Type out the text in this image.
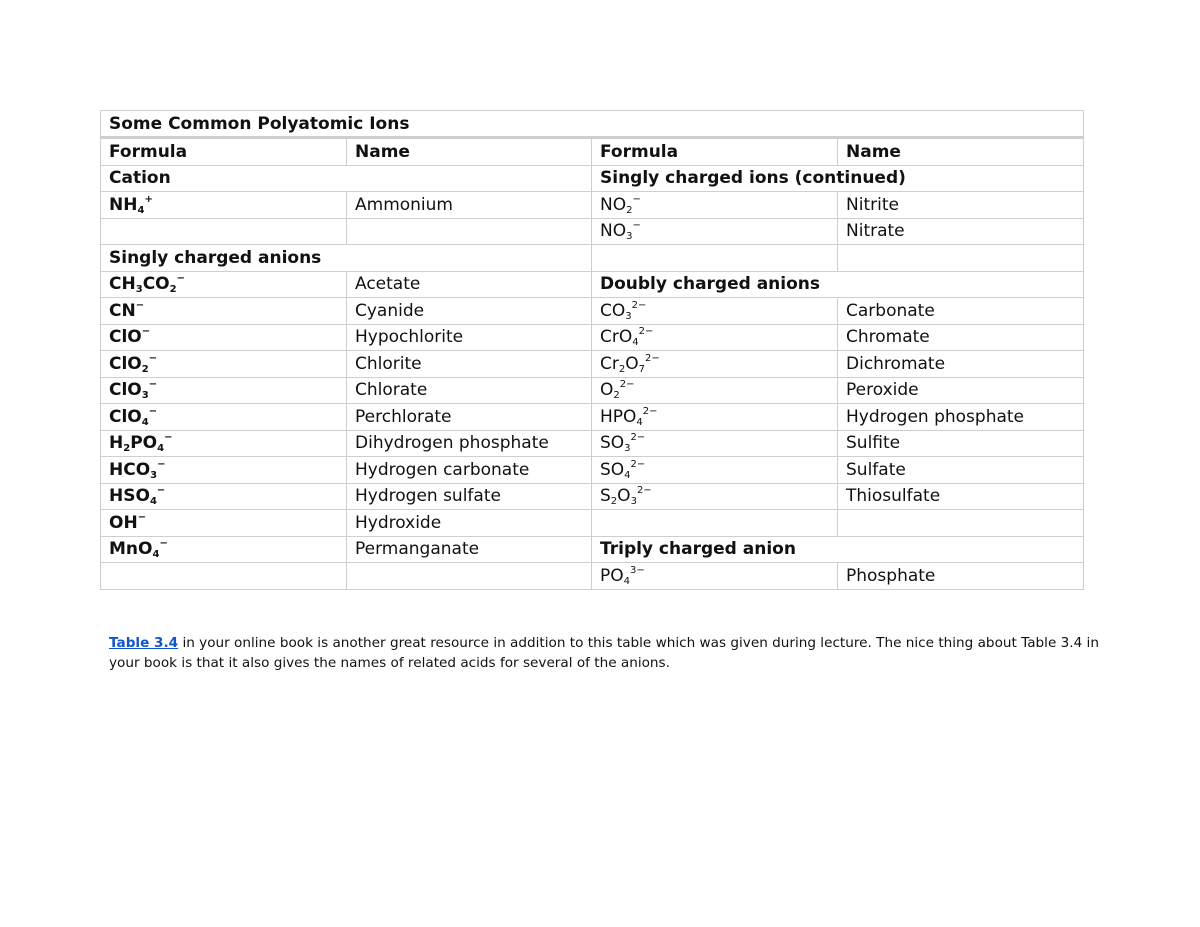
Some Common Polyatomic Ions			
Formula	Name	Formula	Name
Cation		Singly charged ions (continued)	
$NH_4^+$	Ammonium	$NO_2^-$	Nitrite
		$NO_3^-$	Nitrate
Singly charged anions			
$CH_3CO_2^-$	Acetate	Doubly charged anions	
CN−	Cyanide	$CO_3^{2-}$	Carbonate
ClO−	Hypochlorite	CrO$_4^{2-}$	Chromate
ClO$_2$−	Chlorite	$Cr_2O_7^{2-}$	Dichromate
ClO$_3$−	Chlorate	$O_2^{2-}$	Peroxide
ClO$_4$−	Perchlorate	$HPO_4^{2-}$	Hydrogen phosphate
$H_2PO_4^-$	Dihydrogen phosphate	$SO_3^{2-}$	Sulfite
$HCO_3^-$	Hydrogen carbonate	$SO_4^{2-}$	Sulfate
$HSO_4^-$	Hydrogen sulfate	$S_2O_3^{2-}$	Thiosulfate
OH−	Hydroxide		
MnO$_4$−	Permanganate	Triply charged anion	
		$PO_4^{3-}$	Phosphate
Table 3.4 in your online book is another great resource in addition to this table which was given during lecture. The nice thing about Table 3.4 in
your book is that it also gives the names of related acids for several of the anions.
